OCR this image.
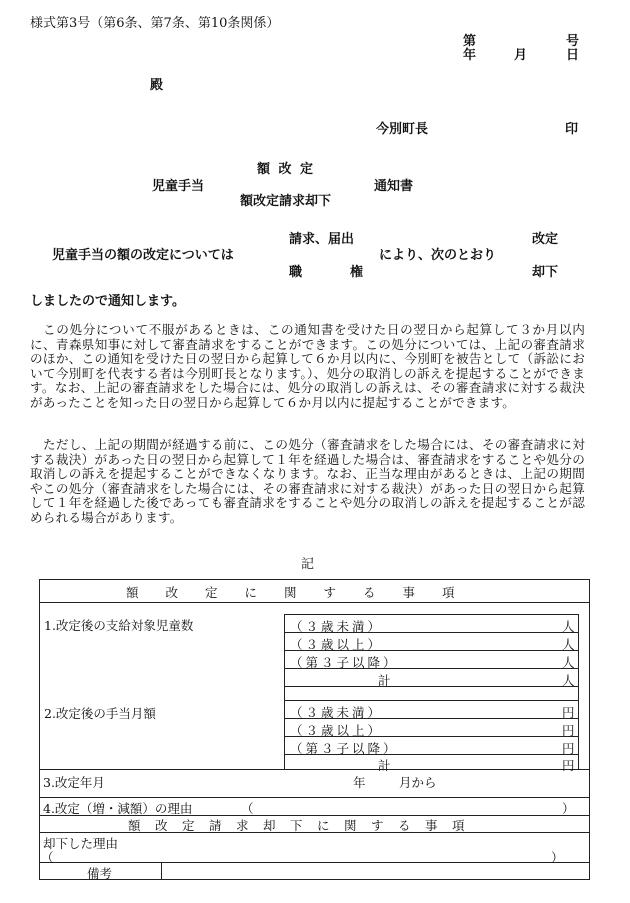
様式第3号（第6条、第7条、第10条関係）
第	号
年	月	日
殿
今別町長	印
額 改 定
児童手当	通知書
額改定請求却下
請求、届出	改定
児童手当の額の改定については	により、次のとおり
職	権	却下
しましたので通知します。
この処分について不服があるときは、この通知書を受けた日の翌日から起算して３か月以内に、青森県知事に対して審査請求をすることができます。この処分については、上記の審査請求のほか、この通知を受けた日の翌日から起算して６か月以内に、今別町を被告として（訴訟において今別町を代表する者は今別町長となります。）、処分の取消しの訴えを提起することができます。なお、上記の審査請求をした場合には、処分の取消しの訴えは、その審査請求に対する裁決があったことを知った日の翌日から起算して６か月以内に提起することができます。
ただし、上記の期間が経過する前に、この処分（審査請求をした場合には、その審査請求に対する裁決）があった日の翌日から起算して１年を経過した場合は、審査請求をすることや処分の取消しの訴えを提起することができなくなります。なお、正当な理由があるときは、上記の期間やこの処分（審査請求をした場合には、その審査請求に対する裁決）があった日の翌日から起算して１年を経過した後であっても審査請求をすることや処分の取消しの訴えを提起することが認められる場合があります。
記
額改定に関する事項
1.改定後の支給対象児童数	（３歳未満）	人
（３歳以上）	人
（第３子以降）	人
計	人
2.改定後の手当月額	（３歳未満）	円
（３歳以上）	円
（第３子以降）	円
計	円
3.改定年月	年	月から
4.改定（増・減額）の理由	（	）
額改定請求却下に関する事項
却下した理由
（	）
備考
